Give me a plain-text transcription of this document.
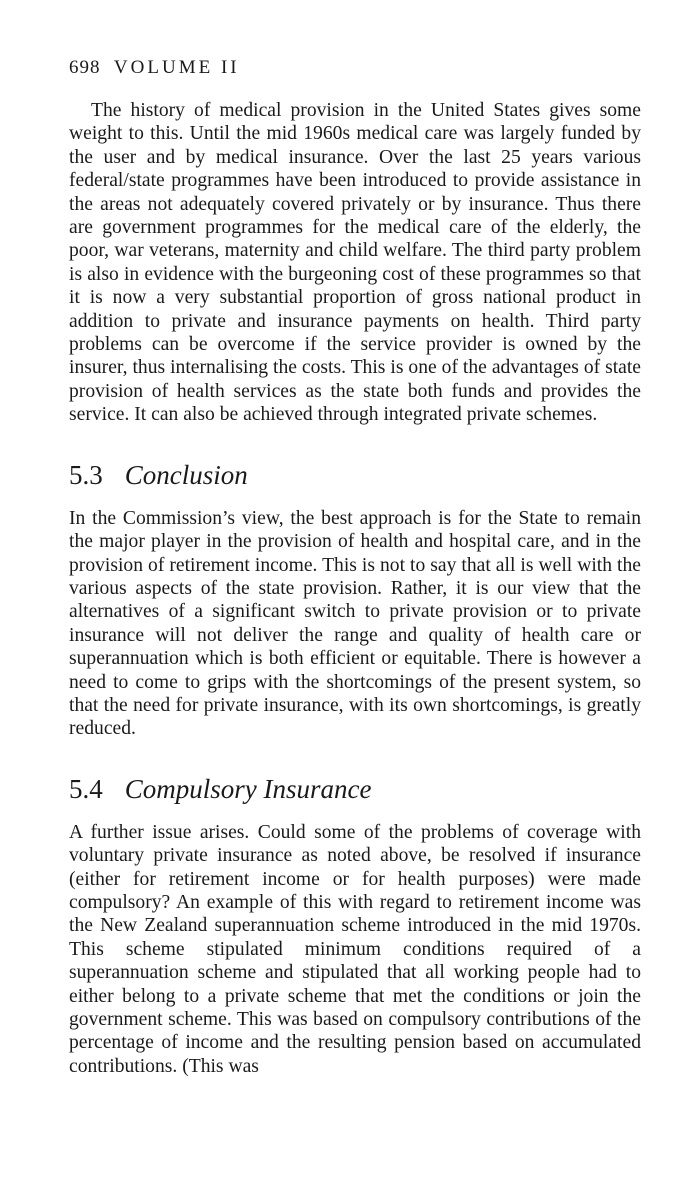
698 VOLUME II

The history of medical provision in the United States gives some weight to this. Until the mid 1960s medical care was largely funded by the user and by medical insurance. Over the last 25 years various federal/state programmes have been introduced to provide assistance in the areas not adequately covered privately or by insurance. Thus there are government programmes for the medical care of the elderly, the poor, war veterans, maternity and child welfare. The third party problem is also in evidence with the burgeoning cost of these programmes so that it is now a very substantial proportion of gross national product in addition to private and insurance payments on health. Third party problems can be overcome if the service provider is owned by the insurer, thus internalising the costs. This is one of the advantages of state provision of health services as the state both funds and provides the service. It can also be achieved through integrated private schemes.

5.3 Conclusion

In the Commission’s view, the best approach is for the State to remain the major player in the provision of health and hospital care, and in the provision of retirement income. This is not to say that all is well with the various aspects of the state provision. Rather, it is our view that the alternatives of a significant switch to private provision or to private insurance will not deliver the range and quality of health care or superannuation which is both efficient or equitable. There is however a need to come to grips with the shortcomings of the present system, so that the need for private insurance, with its own shortcomings, is greatly reduced.

5.4 Compulsory Insurance

A further issue arises. Could some of the problems of coverage with voluntary private insurance as noted above, be resolved if insurance (either for retirement income or for health purposes) were made compulsory? An example of this with regard to retirement income was the New Zealand superannuation scheme introduced in the mid 1970s. This scheme stipulated minimum conditions required of a superannuation scheme and stipulated that all working people had to either belong to a private scheme that met the conditions or join the government scheme. This was based on compulsory contributions of the percentage of income and the resulting pension based on accumulated contributions. (This was
